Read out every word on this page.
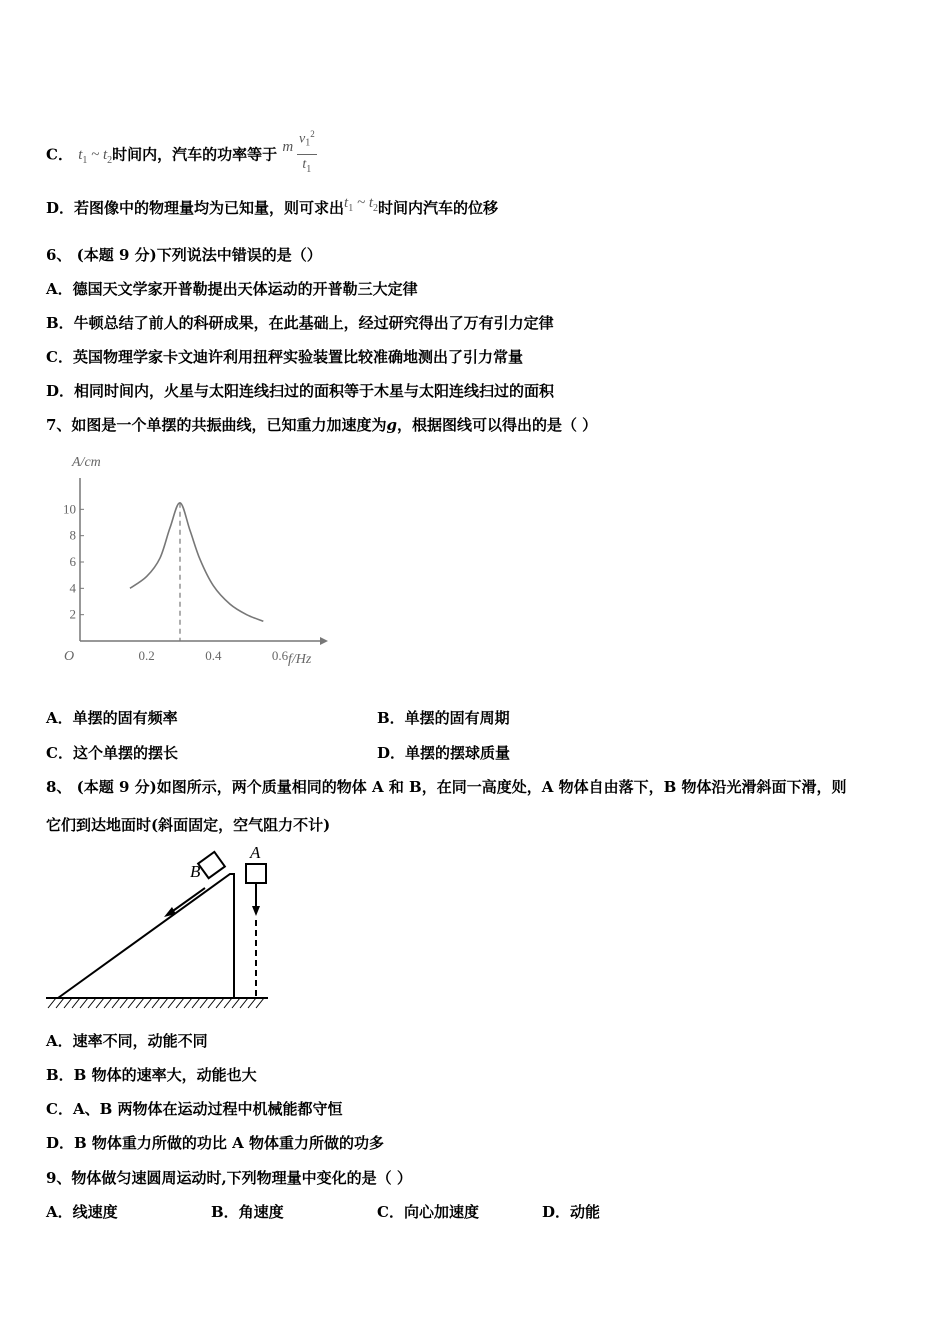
C． $t_1$ ~ $t_2$时间内，汽车的功率等于 m $\frac{v_1^2}{t_1}$
D．若图像中的物理量均为已知量，则可求出$t_1$ ~ $t_2$时间内汽车的位移
6、 (本题 9 分)下列说法中错误的是（）
A．德国天文学家开普勒提出天体运动的开普勒三大定律
B．牛顿总结了前人的科研成果，在此基础上，经过研究得出了万有引力定律
C．英国物理学家卡文迪许利用扭秤实验装置比较准确地测出了引力常量
D．相同时间内，火星与太阳连线扫过的面积等于木星与太阳连线扫过的面积
7、如图是一个单摆的共振曲线，已知重力加速度为g，根据图线可以得出的是（ ）
2
4
6
8
10
0.2	0.4	0.6
A/cm
f/Hz
O
A．单摆的固有频率	B．单摆的固有周期
C．这个单摆的摆长	D．单摆的摆球质量
8、 (本题 9 分)如图所示，两个质量相同的物体 A 和 B，在同一高度处，A 物体自由落下，B 物体沿光滑斜面下滑，则
它们到达地面时(斜面固定，空气阻力不计)
B
A
A．速率不同，动能不同
B．B 物体的速率大，动能也大
C．A、B 两物体在运动过程中机械能都守恒
D．B 物体重力所做的功比 A 物体重力所做的功多
9、物体做匀速圆周运动时,下列物理量中变化的是（ ）
A．线速度	B．角速度	C．向心加速度	D．动能
